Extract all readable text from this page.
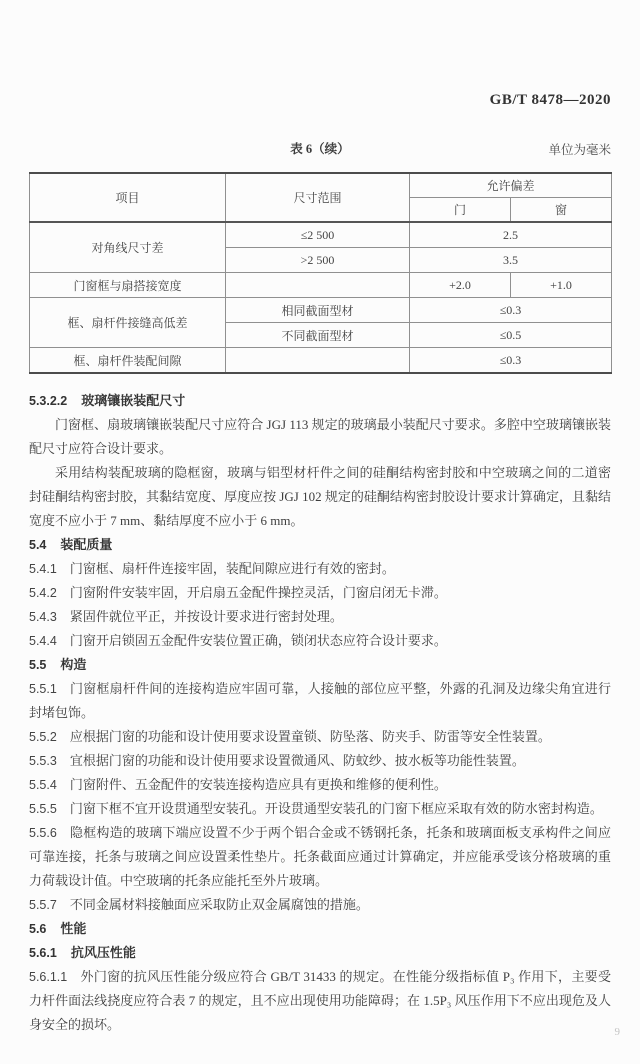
GB/T 8478—2020
表 6（续）	单位为毫米
项目	尺寸范围	允许偏差	
		门	窗
对角线尺寸差	≤2 500	2.5	
	>2 500	3.5	
门窗框与扇搭接宽度		+2.0	+1.0
框、扇杆件接缝高低差	相同截面型材	≤0.3	
	不同截面型材	≤0.5	
框、扇杆件装配间隙		≤0.3	

5.3.2.2 玻璃镶嵌装配尺寸

门窗框、扇玻璃镶嵌装配尺寸应符合 JGJ 113 规定的玻璃最小装配尺寸要求。多腔中空玻璃镶嵌装配尺寸应符合设计要求。

采用结构装配玻璃的隐框窗，玻璃与铝型材杆件之间的硅酮结构密封胶和中空玻璃之间的二道密封硅酮结构密封胶，其黏结宽度、厚度应按 JGJ 102 规定的硅酮结构密封胶设计要求计算确定，且黏结宽度不应小于 7 mm、黏结厚度不应小于 6 mm。

5.4 装配质量

5.4.1 门窗框、扇杆件连接牢固，装配间隙应进行有效的密封。

5.4.2 门窗附件安装牢固，开启扇五金配件操控灵活，门窗启闭无卡滞。

5.4.3 紧固件就位平正，并按设计要求进行密封处理。

5.4.4 门窗开启锁固五金配件安装位置正确，锁闭状态应符合设计要求。

5.5 构造

5.5.1 门窗框扇杆件间的连接构造应牢固可靠，人接触的部位应平整，外露的孔洞及边缘尖角宜进行封堵包饰。

5.5.2 应根据门窗的功能和设计使用要求设置童锁、防坠落、防夹手、防雷等安全性装置。

5.5.3 宜根据门窗的功能和设计使用要求设置微通风、防蚊纱、披水板等功能性装置。

5.5.4 门窗附件、五金配件的安装连接构造应具有更换和维修的便利性。

5.5.5 门窗下框不宜开设贯通型安装孔。开设贯通型安装孔的门窗下框应采取有效的防水密封构造。

5.5.6 隐框构造的玻璃下端应设置不少于两个铝合金或不锈钢托条，托条和玻璃面板支承构件之间应可靠连接，托条与玻璃之间应设置柔性垫片。托条截面应通过计算确定，并应能承受该分格玻璃的重力荷载设计值。中空玻璃的托条应能托至外片玻璃。

5.5.7 不同金属材料接触面应采取防止双金属腐蚀的措施。

5.6 性能

5.6.1 抗风压性能

5.6.1.1 外门窗的抗风压性能分级应符合 GB/T 31433 的规定。在性能分级指标值 P₃ 作用下，主要受力杆件面法线挠度应符合表 7 的规定，且不应出现使用功能障碍；在 1.5P₃ 风压作用下不应出现危及人身安全的损坏。	9
